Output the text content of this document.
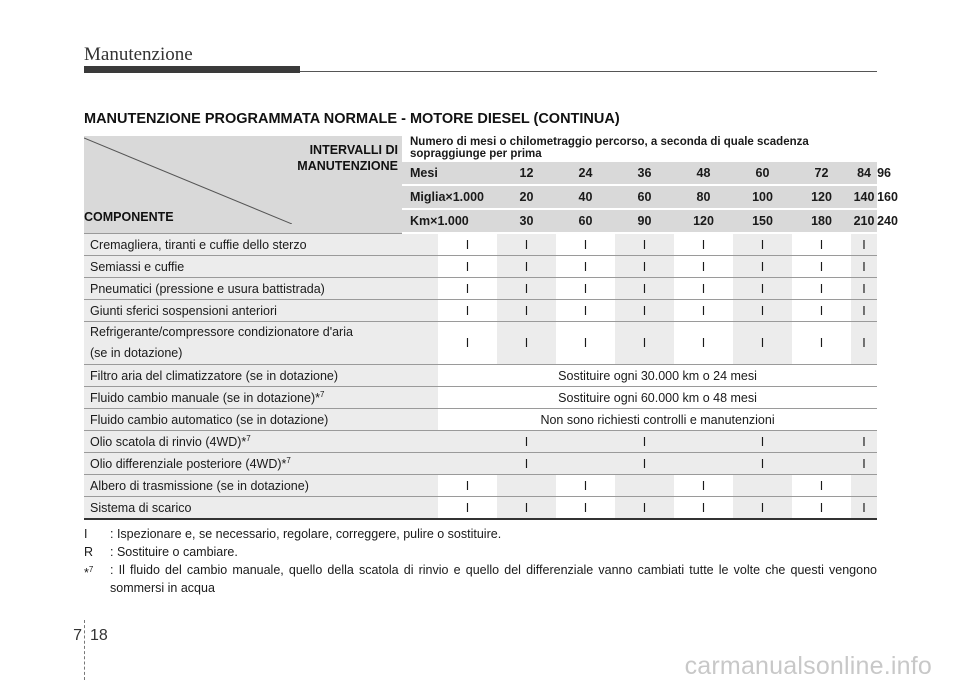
Manutenzione
MANUTENZIONE PROGRAMMATA NORMALE - MOTORE DIESEL (CONTINUA)
INTERVALLI DI
MANUTENZIONE
COMPONENTE	Numero di mesi o chilometraggio percorso, a seconda di quale scadenza sopraggiunge per prima									
	Mesi		12	24	36	48	60	72	84	96
	Miglia×1.000		20	40	60	80	100	120	140	160
	Km×1.000		30	60	90	120	150	180	210	240
Cremagliera, tiranti e cuffie dello sterzo		I	I	I	I	I	I	I	I	
Semiassi e cuffie		I	I	I	I	I	I	I	I	
Pneumatici (pressione e usura battistrada)		I	I	I	I	I	I	I	I	
Giunti sferici sospensioni anteriori		I	I	I	I	I	I	I	I	

Refrigerante/compressore condizionatore d'aria
(se in dotazione)		I	I	I	I	I	I	I	I	
Filtro aria del climatizzatore (se in dotazione)		Sostituire ogni 30.000 km o 24 mesi								
Fluido cambio manuale (se in dotazione)*$^7$		Sostituire ogni 60.000 km o 48 mesi								
Fluido cambio automatico (se in dotazione)		Non sono richiesti controlli e manutenzioni								
Olio scatola di rinvio (4WD)*$^7$			I		I		I		I	
Olio differenziale posteriore (4WD)*$^7$			I		I		I		I	
Albero di trasmissione (se in dotazione)		I		I		I		I		
Sistema di scarico		I	I	I	I	I	I	I	I	
I	: Ispezionare e, se necessario, regolare, correggere, pulire o sostituire.
R	: Sostituire o cambiare.
*$^7$	: Il fluido del cambio manuale, quello della scatola di rinvio e quello del differenziale vanno cambiati tutte le volte che questi vengono sommersi in acqua
7 18
carmanualsonline.info
